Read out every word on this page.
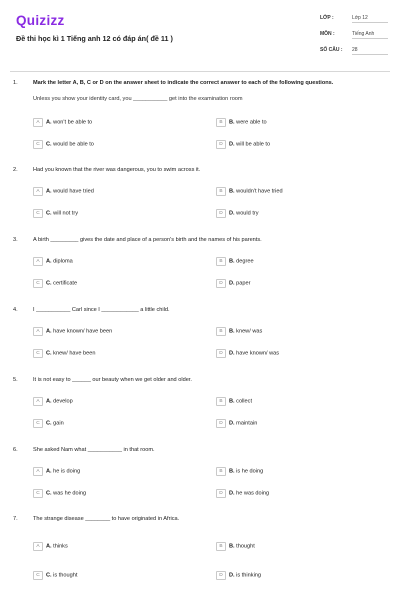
Quizizz
Đề thi học kì 1 Tiếng anh 12 có đáp án( đề 11 )
LỚP :	Lớp 12
MÔN :	Tiếng Anh
SỐ CÂU : 28
1.	Mark the letter A, B, C or D on the answer sheet to indicate the correct answer to each of the following questions.
Unless you show your identity card, you ___________ get into the examination room
A A. won't be able to	B B. were able to
C C. would be able to	D D. will be able to
2.	Had you known that the river was dangerous, you to swim across it.
A A. would have tried	B B. wouldn't have tried
C C. will not try	D D. would try
3.	A birth _________ gives the date and place of a person's birth and the names of his parents.
A A. diploma	B B. degree
C C. certificate	D D. paper
4.	I ___________ Carl since I ____________ a little child.
A A. have known/ have been	B B. knew/ was
C C. knew/ have been	D D. have known/ was
5.	It is not easy to ______ our beauty when we get older and older.
A A. develop	B B. collect
C C. gain	D D. maintain
6.	She asked Nam what ___________ in that room.
A A. he is doing	B B. is he doing
C C. was he doing	D D. he was doing
7.	The strange disease ________ to have originated in Africa.
A A. thinks	B B. thought
C C. is thought	D D. is thinking
